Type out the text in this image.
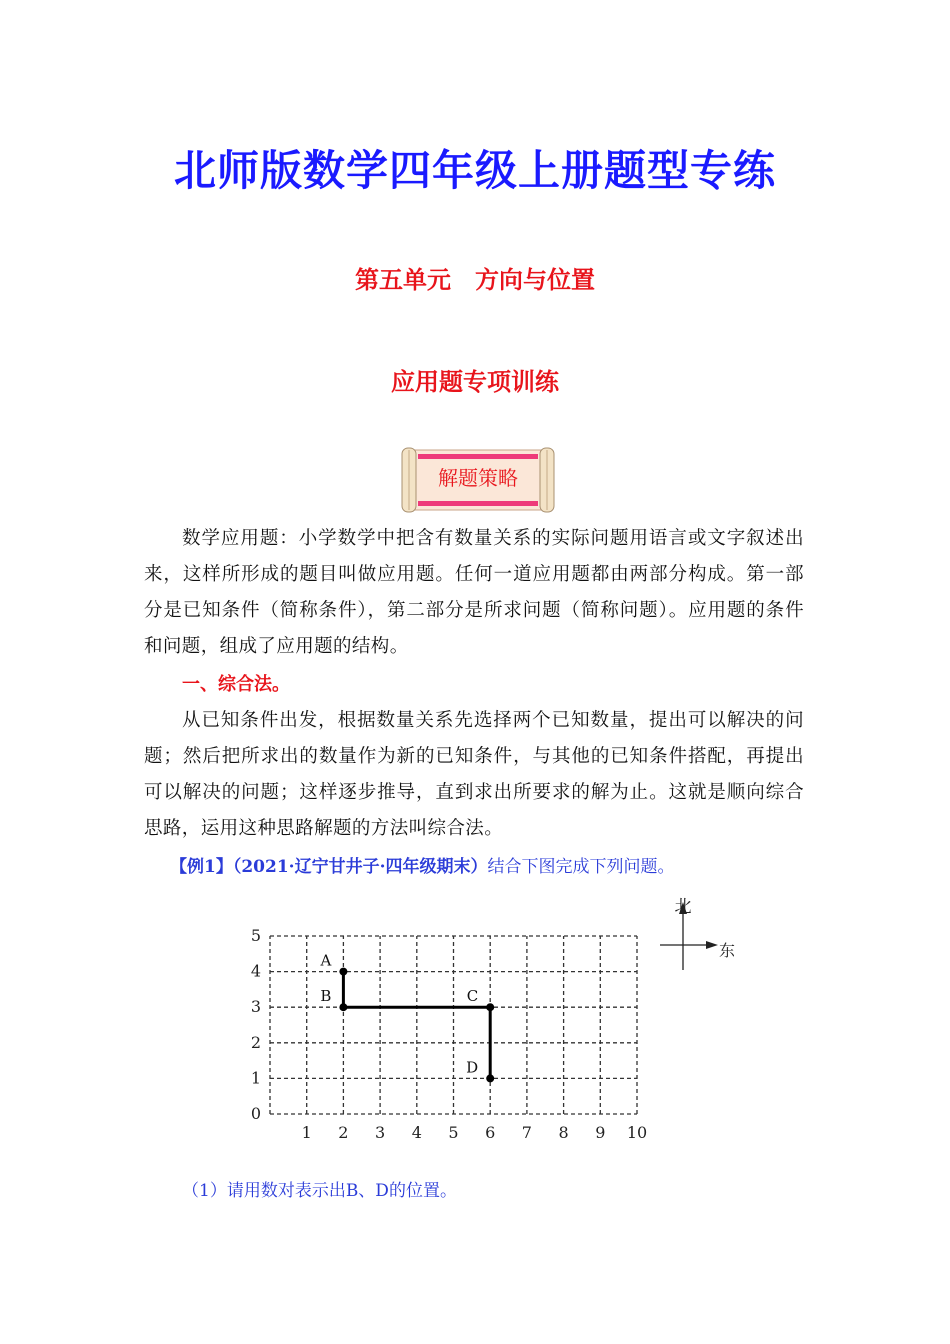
北师版数学四年级上册题型专练
第五单元　方向与位置
应用题专项训练
解题策略
数学应用题：小学数学中把含有数量关系的实际问题用语言或文字叙述出来，这样所形成的题目叫做应用题。任何一道应用题都由两部分构成。第一部分是已知条件（简称条件），第二部分是所求问题（简称问题）。应用题的条件和问题，组成了应用题的结构。
一、综合法。
从已知条件出发，根据数量关系先选择两个已知数量，提出可以解决的问题；然后把所求出的数量作为新的已知条件，与其他的已知条件搭配，再提出可以解决的问题；这样逐步推导，直到求出所要求的解为止。这就是顺向综合思路，运用这种思路解题的方法叫综合法。
【例1】（2021·辽宁甘井子·四年级期末）结合下图完成下列问题。
1 2 3 4 5 6 7 8 9 10
0
1
2
3
4
5
A
B	C
D
北
东
（1）请用数对表示出B、D的位置。
